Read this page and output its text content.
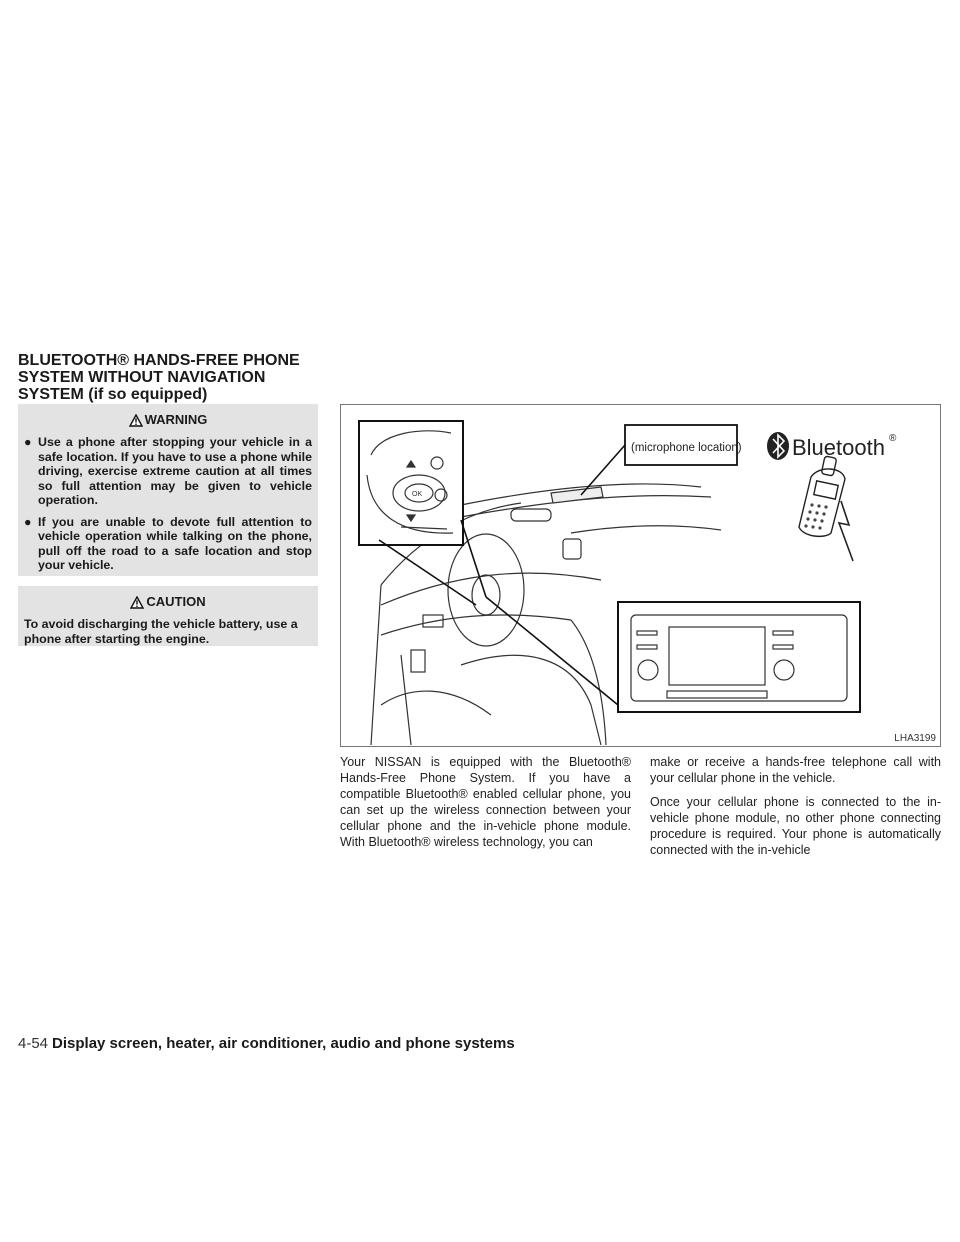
BLUETOOTH® HANDS-FREE PHONE
SYSTEM WITHOUT NAVIGATION
SYSTEM (if so equipped)
WARNING
● Use a phone after stopping your vehicle in a safe location. If you have to use a phone while driving, exercise extreme caution at all times so full attention may be given to vehicle operation.
● If you are unable to devote full attention to vehicle operation while talking on the phone, pull off the road to a safe location and stop your vehicle.
CAUTION
To avoid discharging the vehicle battery, use a phone after starting the engine.
OK
(microphone location) Bluetooth ®
LHA3199

Your NISSAN is equipped with the Bluetooth® Hands-Free Phone System. If you have a compatible Bluetooth® enabled cellular phone, you can set up the wireless connection between your cellular phone and the in-vehicle phone module. With Bluetooth® wireless technology, you can

make or receive a hands-free telephone call with your cellular phone in the vehicle.

Once your cellular phone is connected to the in-vehicle phone module, no other phone connecting procedure is required. Your phone is automatically connected with the in-vehicle

4-54 Display screen, heater, air conditioner, audio and phone systems
